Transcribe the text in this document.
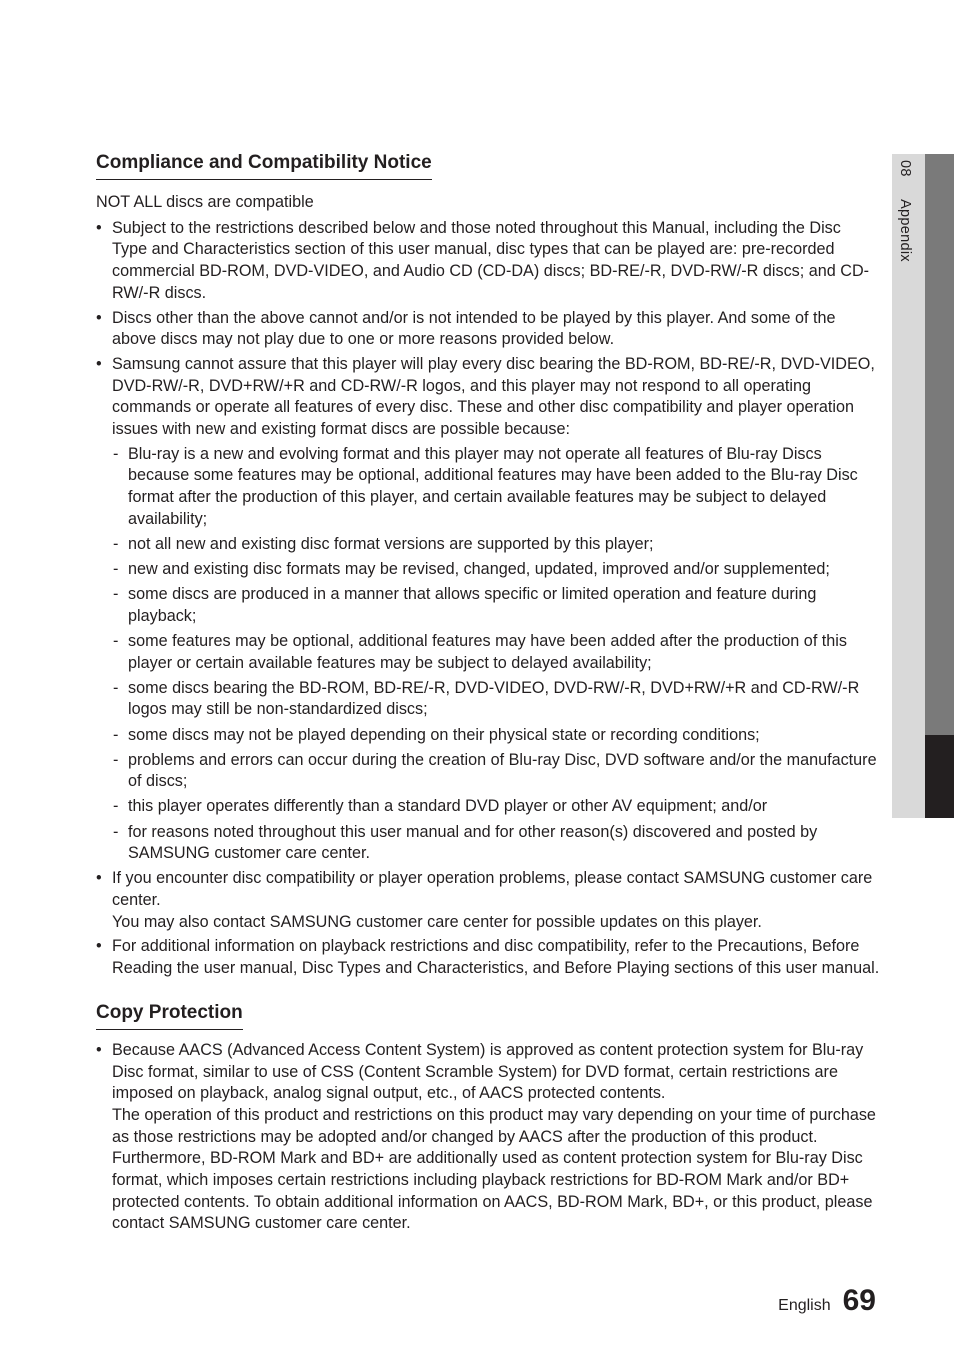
08 Appendix
Compliance and Compatibility Notice
NOT ALL discs are compatible
• Subject to the restrictions described below and those noted throughout this Manual, including the Disc Type and Characteristics section of this user manual, disc types that can be played are: pre-recorded commercial BD-ROM, DVD-VIDEO, and Audio CD (CD-DA) discs; BD-RE/-R, DVD-RW/-R discs; and CD-RW/-R discs.
• Discs other than the above cannot and/or is not intended to be played by this player. And some of the above discs may not play due to one or more reasons provided below.
• Samsung cannot assure that this player will play every disc bearing the BD-ROM, BD-RE/-R, DVD-VIDEO, DVD-RW/-R, DVD+RW/+R and CD-RW/-R logos, and this player may not respond to all operating commands or operate all features of every disc. These and other disc compatibility and player operation issues with new and existing format discs are possible because:
- Blu-ray is a new and evolving format and this player may not operate all features of Blu-ray Discs because some features may be optional, additional features may have been added to the Blu-ray Disc format after the production of this player, and certain available features may be subject to delayed availability;
- not all new and existing disc format versions are supported by this player;
- new and existing disc formats may be revised, changed, updated, improved and/or supplemented;
- some discs are produced in a manner that allows specific or limited operation and feature during playback;
- some features may be optional, additional features may have been added after the production of this player or certain available features may be subject to delayed availability;
- some discs bearing the BD-ROM, BD-RE/-R, DVD-VIDEO, DVD-RW/-R, DVD+RW/+R and CD-RW/-R logos may still be non-standardized discs;
- some discs may not be played depending on their physical state or recording conditions;
- problems and errors can occur during the creation of Blu-ray Disc, DVD software and/or the manufacture of discs;
- this player operates differently than a standard DVD player or other AV equipment; and/or
- for reasons noted throughout this user manual and for other reason(s) discovered and posted by SAMSUNG customer care center.
• If you encounter disc compatibility or player operation problems, please contact SAMSUNG customer care center.
You may also contact SAMSUNG customer care center for possible updates on this player.
• For additional information on playback restrictions and disc compatibility, refer to the Precautions, Before Reading the user manual, Disc Types and Characteristics, and Before Playing sections of this user manual.
Copy Protection
• Because AACS (Advanced Access Content System) is approved as content protection system for Blu-ray Disc format, similar to use of CSS (Content Scramble System) for DVD format, certain restrictions are imposed on playback, analog signal output, etc., of AACS protected contents.
The operation of this product and restrictions on this product may vary depending on your time of purchase as those restrictions may be adopted and/or changed by AACS after the production of this product. Furthermore, BD-ROM Mark and BD+ are additionally used as content protection system for Blu-ray Disc format, which imposes certain restrictions including playback restrictions for BD-ROM Mark and/or BD+ protected contents. To obtain additional information on AACS, BD-ROM Mark, BD+, or this product, please contact SAMSUNG customer care center.
English 69
